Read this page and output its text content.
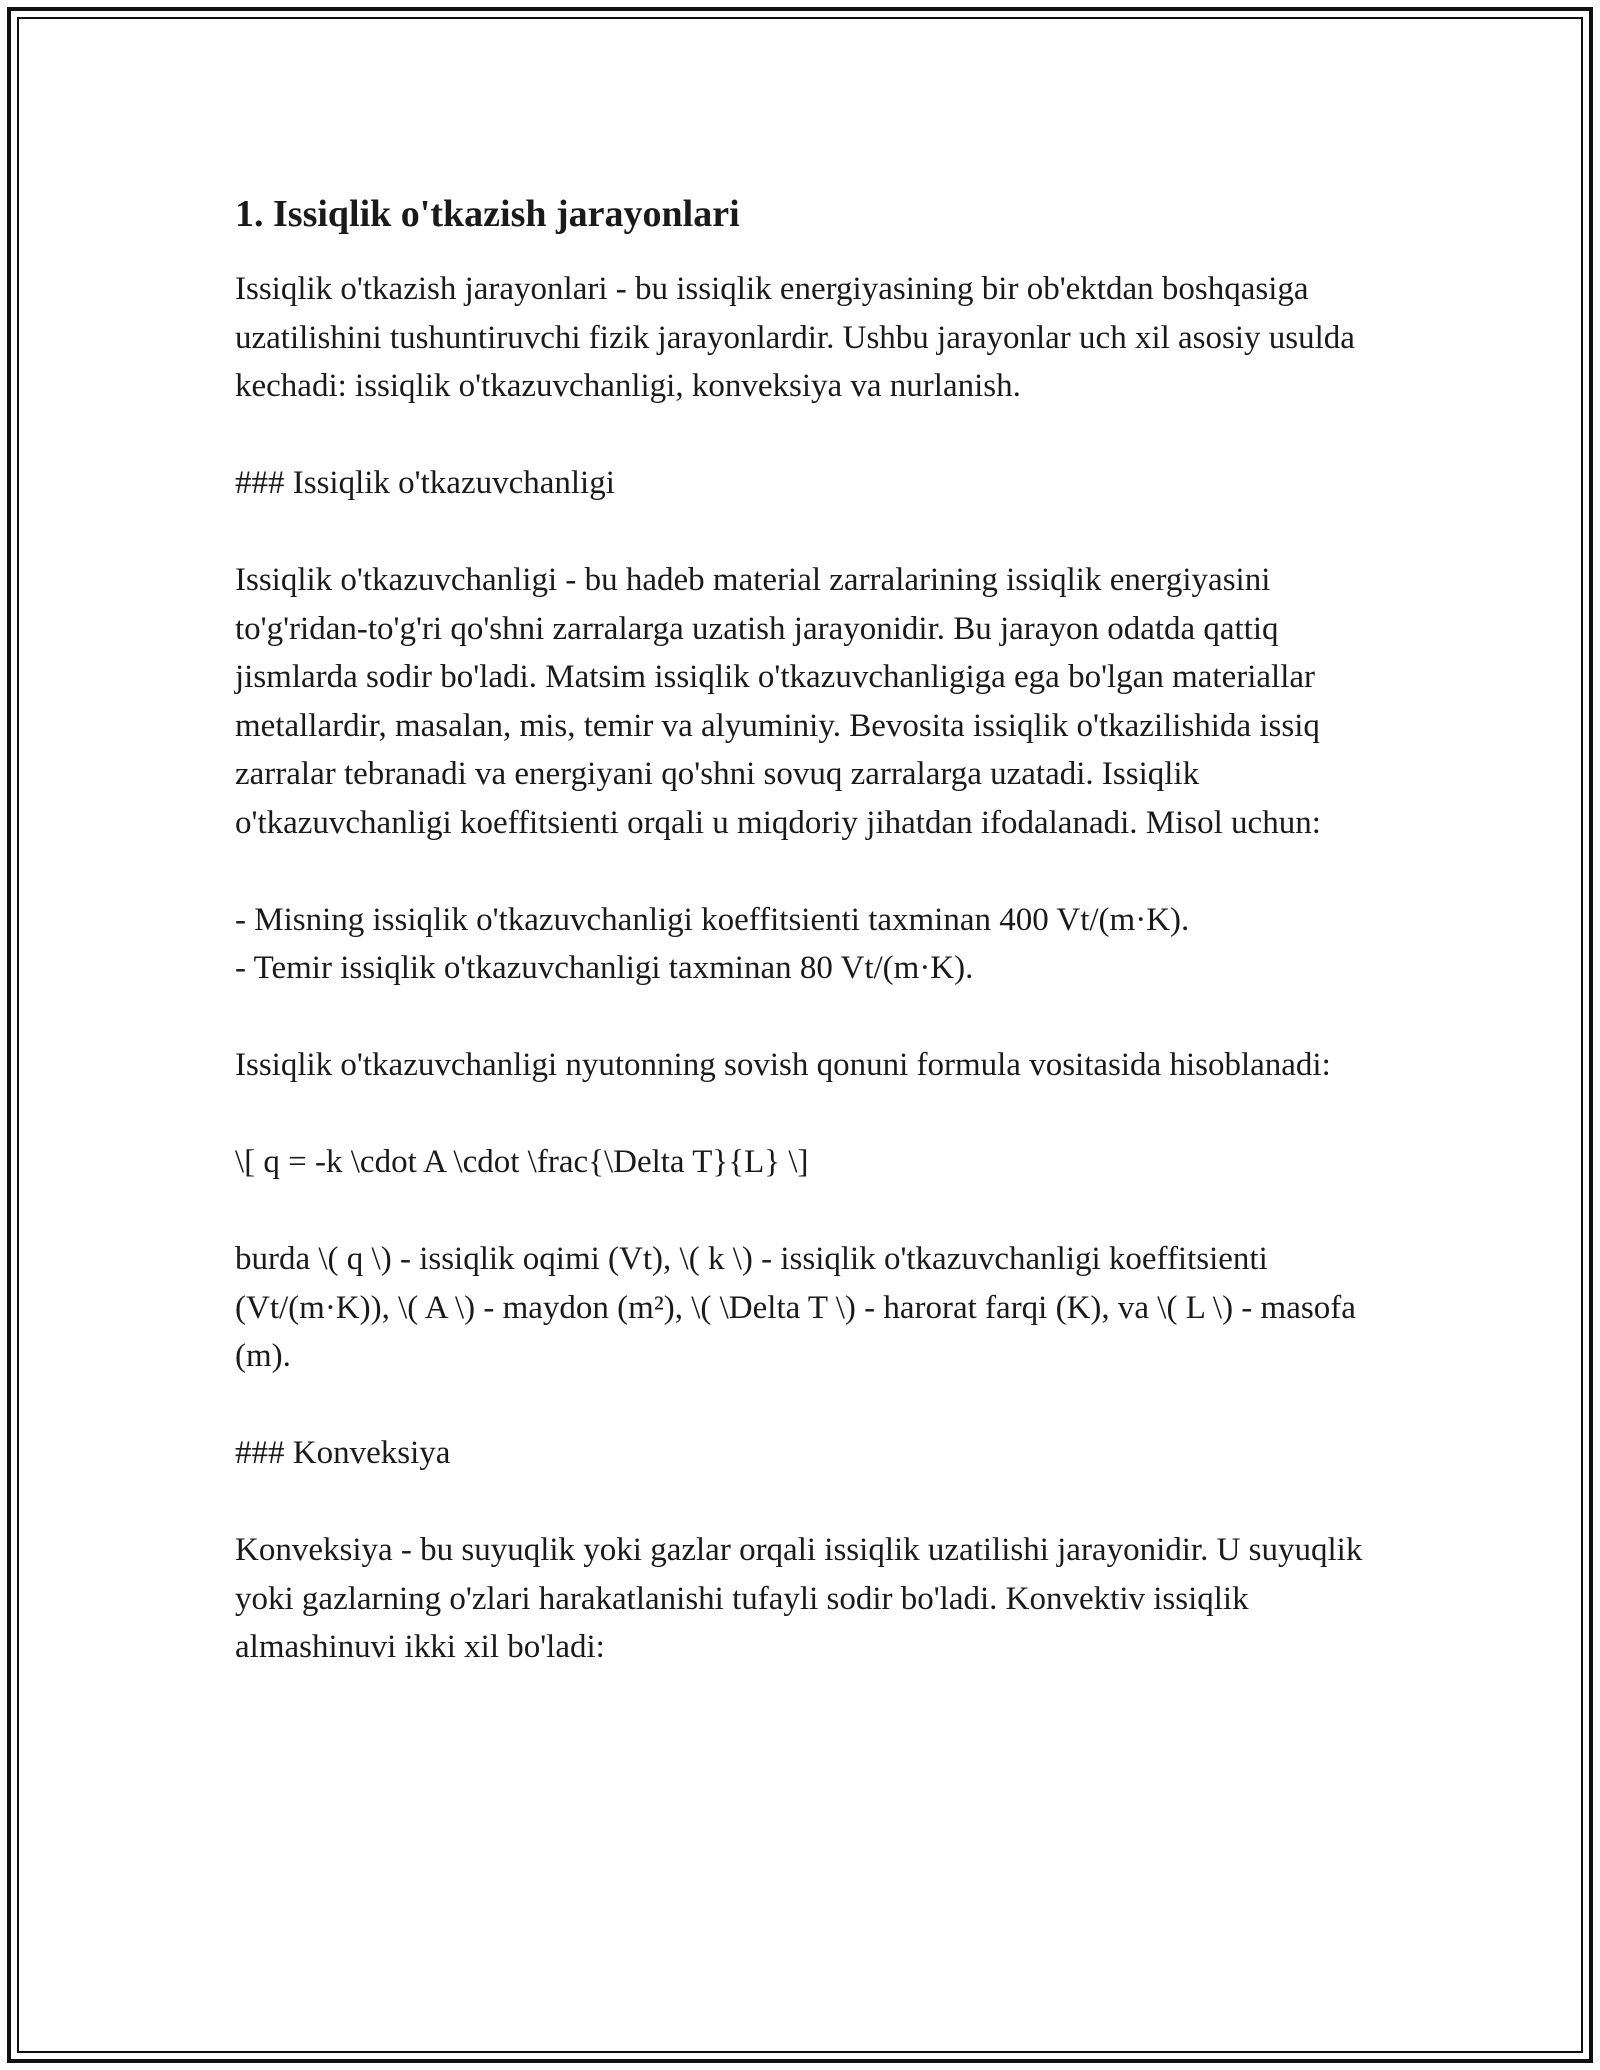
1. Issiqlik o'tkazish jarayonlari

Issiqlik o'tkazish jarayonlari - bu issiqlik energiyasining bir ob'ektdan boshqasiga uzatilishini tushuntiruvchi fizik jarayonlardir. Ushbu jarayonlar uch xil asosiy usulda kechadi: issiqlik o'tkazuvchanligi, konveksiya va nurlanish.

### Issiqlik o'tkazuvchanligi

Issiqlik o'tkazuvchanligi - bu hadeb material zarralarining issiqlik energiyasini to'g'ridan-to'g'ri qo'shni zarralarga uzatish jarayonidir. Bu jarayon odatda qattiq jismlarda sodir bo'ladi. Matsim issiqlik o'tkazuvchanligiga ega bo'lgan materiallar metallardir, masalan, mis, temir va alyuminiy. Bevosita issiqlik o'tkazilishida issiq zarralar tebranadi va energiyani qo'shni sovuq zarralarga uzatadi. Issiqlik o'tkazuvchanligi koeffitsienti orqali u miqdoriy jihatdan ifodalanadi. Misol uchun:

- Misning issiqlik o'tkazuvchanligi koeffitsienti taxminan 400 Vt/(m·K).

- Temir issiqlik o'tkazuvchanligi taxminan 80 Vt/(m·K).

Issiqlik o'tkazuvchanligi nyutonning sovish qonuni formula vositasida hisoblanadi:

\[ q = -k \cdot A \cdot \frac{\Delta T}{L} \]

burda \( q \) - issiqlik oqimi (Vt), \( k \) - issiqlik o'tkazuvchanligi koeffitsienti (Vt/(m·K)), \( A \) - maydon (m²), \( \Delta T \) - harorat farqi (K), va \( L \) - masofa (m).

### Konveksiya

Konveksiya - bu suyuqlik yoki gazlar orqali issiqlik uzatilishi jarayonidir. U suyuqlik yoki gazlarning o'zlari harakatlanishi tufayli sodir bo'ladi. Konvektiv issiqlik almashinuvi ikki xil bo'ladi:
